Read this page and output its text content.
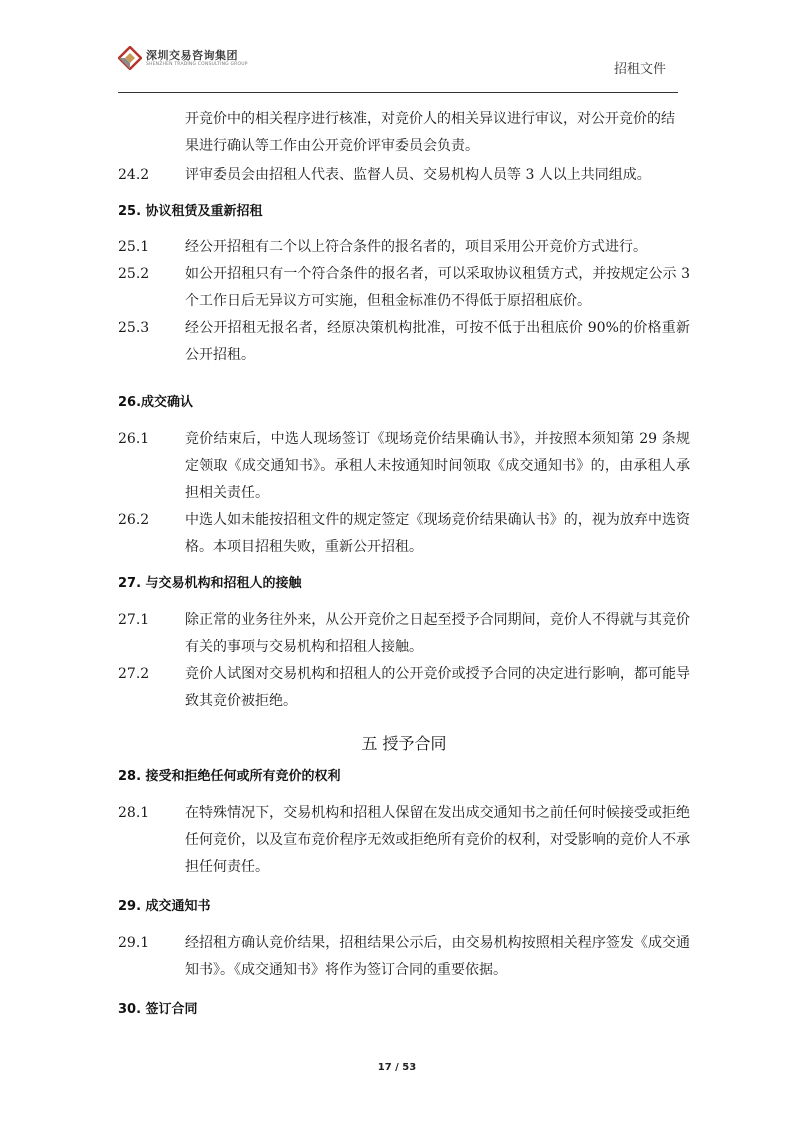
深圳交易咨询集团
SHENZHEN TRADING CONSULTING GROUP	招租文件
开竞价中的相关程序进行核准，对竞价人的相关异议进行审议，对公开竞价的结
果进行确认等工作由公开竞价评审委员会负责。
24.2	评审委员会由招租人代表、监督人员、交易机构人员等 3 人以上共同组成。
25. 协议租赁及重新招租
25.1	经公开招租有二个以上符合条件的报名者的，项目采用公开竞价方式进行。
25.2	如公开招租只有一个符合条件的报名者，可以采取协议租赁方式，并按规定公示 3 个工作日后无异议方可实施，但租金标准仍不得低于原招租底价。
25.3	经公开招租无报名者，经原决策机构批准，可按不低于出租底价 90%的价格重新公开招租。
26.成交确认
26.1	竞价结束后，中选人现场签订《现场竞价结果确认书》，并按照本须知第 29 条规定领取《成交通知书》。承租人未按通知时间领取《成交通知书》的，由承租人承担相关责任。
26.2	中选人如未能按招租文件的规定签定《现场竞价结果确认书》的，视为放弃中选资格。本项目招租失败，重新公开招租。
27. 与交易机构和招租人的接触
27.1	除正常的业务往外来，从公开竞价之日起至授予合同期间，竞价人不得就与其竞价有关的事项与交易机构和招租人接触。
27.2	竞价人试图对交易机构和招租人的公开竞价或授予合同的决定进行影响，都可能导致其竞价被拒绝。
五 授予合同
28. 接受和拒绝任何或所有竞价的权利
28.1	在特殊情况下，交易机构和招租人保留在发出成交通知书之前任何时候接受或拒绝任何竞价，以及宣布竞价程序无效或拒绝所有竞价的权利，对受影响的竞价人不承担任何责任。
29. 成交通知书
29.1	经招租方确认竞价结果，招租结果公示后，由交易机构按照相关程序签发《成交通知书》。《成交通知书》将作为签订合同的重要依据。
30. 签订合同
17 / 53
